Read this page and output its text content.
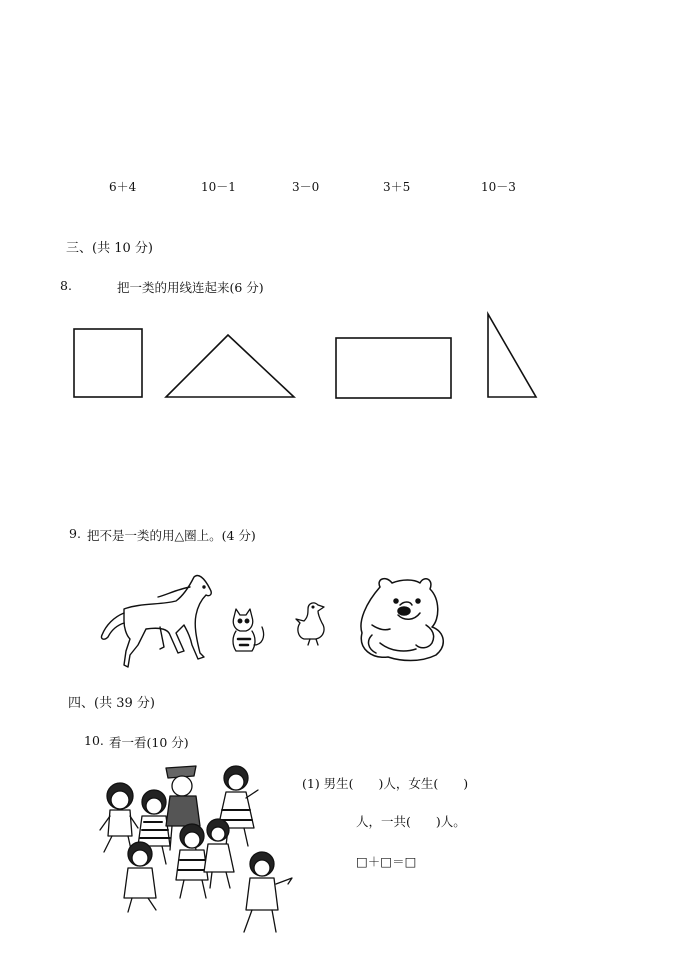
6＋4	10－1	3－0	3＋5	10－3
三、(共 10 分)
8.	把一类的用线连起来(6 分)
9. 把不是一类的用△圈上。(4 分)
四、(共 39 分)
10. 看一看(10 分)
(1) 男生(　　)人，女生(　　)
人，一共(　　)人。
□＋□＝□
